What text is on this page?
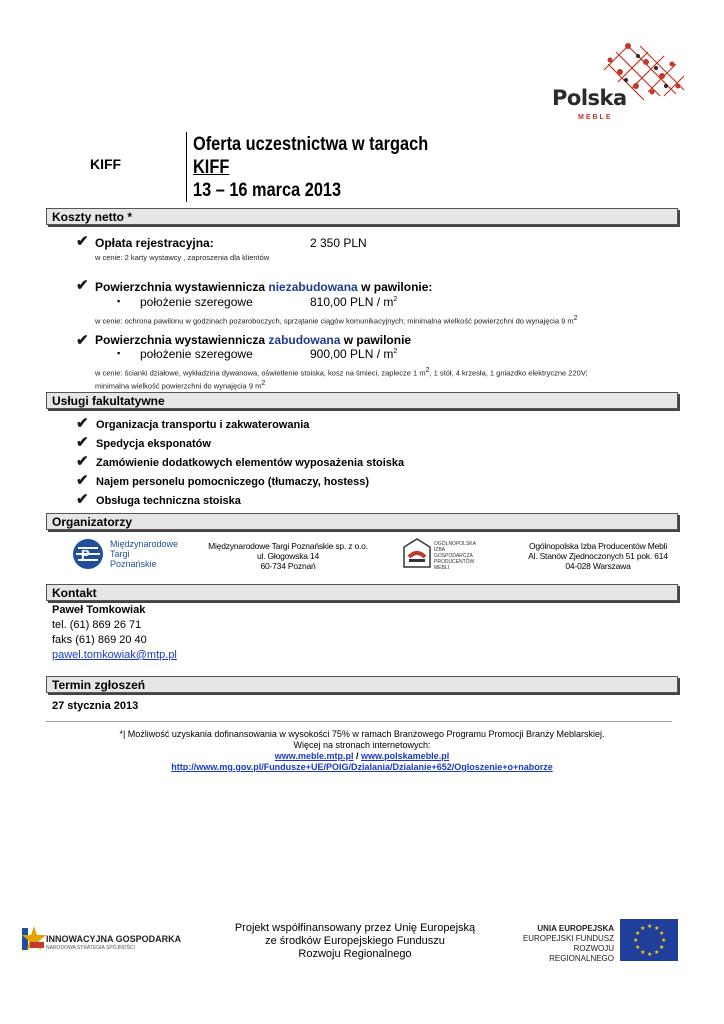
Polska
MEBLE
KIFF
Oferta uczestnictwa w targach
KIFF
13 – 16 marca 2013
Koszty netto *
✔ Opłata rejestracyjna:	2 350 PLN
w cenie: 2 karty wystawcy , zaproszenia dla klientów
✔ Powierzchnia wystawiennicza niezabudowana w pawilonie:
▪ położenie szeregowe	810,00 PLN / $m^2$
w cenie: ochrona pawilonu w godzinach pozaroboczych, sprzątanie ciągów komunikacyjnych; minimalna wielkość powierzchni do wynajęcia 9 m2
✔ Powierzchnia wystawiennicza zabudowana w pawilonie
▪ położenie szeregowe	900,00 PLN / $m^2$
w cenie: ścianki działowe, wykładzina dywanowa, oświetlenie stoiska, kosz na śmieci, zaplecze 1 m2, 1 stół, 4 krzesła, 1 gniazdko elektryczne 220V;
minimalna wielkość powierzchni do wynajęcia 9 m2
Usługi fakultatywne
✔ Organizacja transportu i zakwaterowania
✔ Spedycja eksponatów
✔ Zamówienie dodatkowych elementów wyposażenia stoiska
✔ Najem personelu pomocniczego (tłumaczy, hostess)
✔ Obsługa techniczna stoiska
Organizatorzy
P
Międzynarodowe
Targi
Poznańskie
Międzynarodowe Targi Poznańskie sp. z o.o.
ul. Głogowska 14
60-734 Poznań
OGÓLNOPOLSKA
IZBA
GOSPODARCZA
PRODUCENTÓW
MEBLI
Ogólnopolska Izba Producentów Mebli
Al. Stanów Zjednoczonych 51 pok. 614
04-028 Warszawa
Kontakt
Paweł Tomkowiak
tel. (61) 869 26 71
faks (61) 869 20 40
pawel.tomkowiak@mtp.pl
Termin zgłoszeń
27 stycznia 2013
*| Możliwość uzyskania dofinansowania w wysokości 75% w ramach Branżowego Programu Promocji Branży Meblarskiej.
Więcej na stronach internetowych:
www.meble.mtp.pl / www.polskameble.pl
http://www.mg.gov.pl/Fundusze+UE/POIG/Dzialania/Dzialanie+652/Ogloszenie+o+naborze
INNOWACYJNA GOSPODARKA
NARODOWA STRATEGIA SPÓJNOŚCI
Projekt współfinansowany przez Unię Europejską
ze środków Europejskiego Funduszu
Rozwoju Regionalnego
UNIA EUROPEJSKA
EUROPEJSKI FUNDUSZ
ROZWOJU REGIONALNEGO
★ ★
★
★
★
★
★
★
★
★
★
★
